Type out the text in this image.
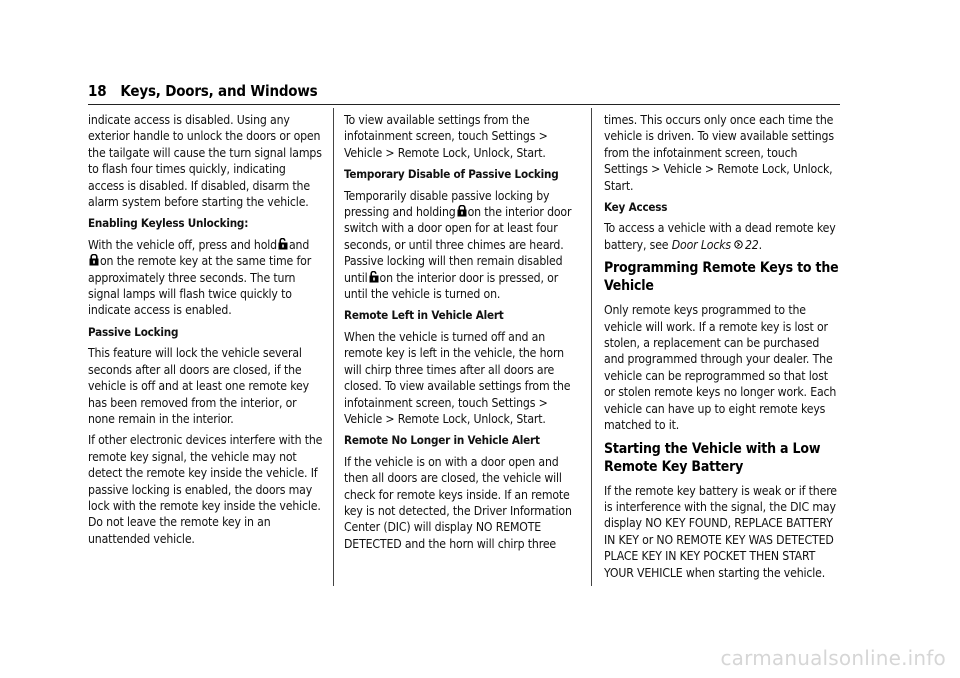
18 Keys, Doors, and Windows

indicate access is disabled. Using any exterior handle to unlock the doors or open the tailgate will cause the turn signal lamps to flash four times quickly, indicating access is disabled. If disabled, disarm the alarm system before starting the vehicle.

Enabling Keyless Unlocking:

With the vehicle off, press and hold and

on the remote key at the same time for approximately three seconds. The turn signal lamps will flash twice quickly to indicate access is enabled.

Passive Locking

This feature will lock the vehicle several seconds after all doors are closed, if the vehicle is off and at least one remote key has been removed from the interior, or none remain in the interior.

If other electronic devices interfere with the remote key signal, the vehicle may not detect the remote key inside the vehicle. If passive locking is enabled, the doors may lock with the remote key inside the vehicle. Do not leave the remote key in an unattended vehicle.

To view available settings from the infotainment screen, touch Settings > Vehicle > Remote Lock, Unlock, Start.

Temporary Disable of Passive Locking

Temporarily disable passive locking by pressing and holding on the interior door switch with a door open for at least four seconds, or until three chimes are heard. Passive locking will then remain disabled until on the interior door is pressed, or until the vehicle is turned on.

Remote Left in Vehicle Alert

When the vehicle is turned off and an remote key is left in the vehicle, the horn will chirp three times after all doors are closed. To view available settings from the infotainment screen, touch Settings > Vehicle > Remote Lock, Unlock, Start.

Remote No Longer in Vehicle Alert

If the vehicle is on with a door open and then all doors are closed, the vehicle will check for remote keys inside. If an remote key is not detected, the Driver Information Center (DIC) will display NO REMOTE DETECTED and the horn will chirp three

times. This occurs only once each time the vehicle is driven. To view available settings from the infotainment screen, touch Settings > Vehicle > Remote Lock, Unlock, Start.

Key Access

To access a vehicle with a dead remote key battery, see Door Locks 22.

Programming Remote Keys to the Vehicle

Only remote keys programmed to the vehicle will work. If a remote key is lost or stolen, a replacement can be purchased and programmed through your dealer. The vehicle can be reprogrammed so that lost or stolen remote keys no longer work. Each vehicle can have up to eight remote keys matched to it.

Starting the Vehicle with a Low Remote Key Battery

If the remote key battery is weak or if there is interference with the signal, the DIC may display NO KEY FOUND, REPLACE BATTERY IN KEY or NO REMOTE KEY WAS DETECTED PLACE KEY IN KEY POCKET THEN START YOUR VEHICLE when starting the vehicle.

carmanualsonline.info
